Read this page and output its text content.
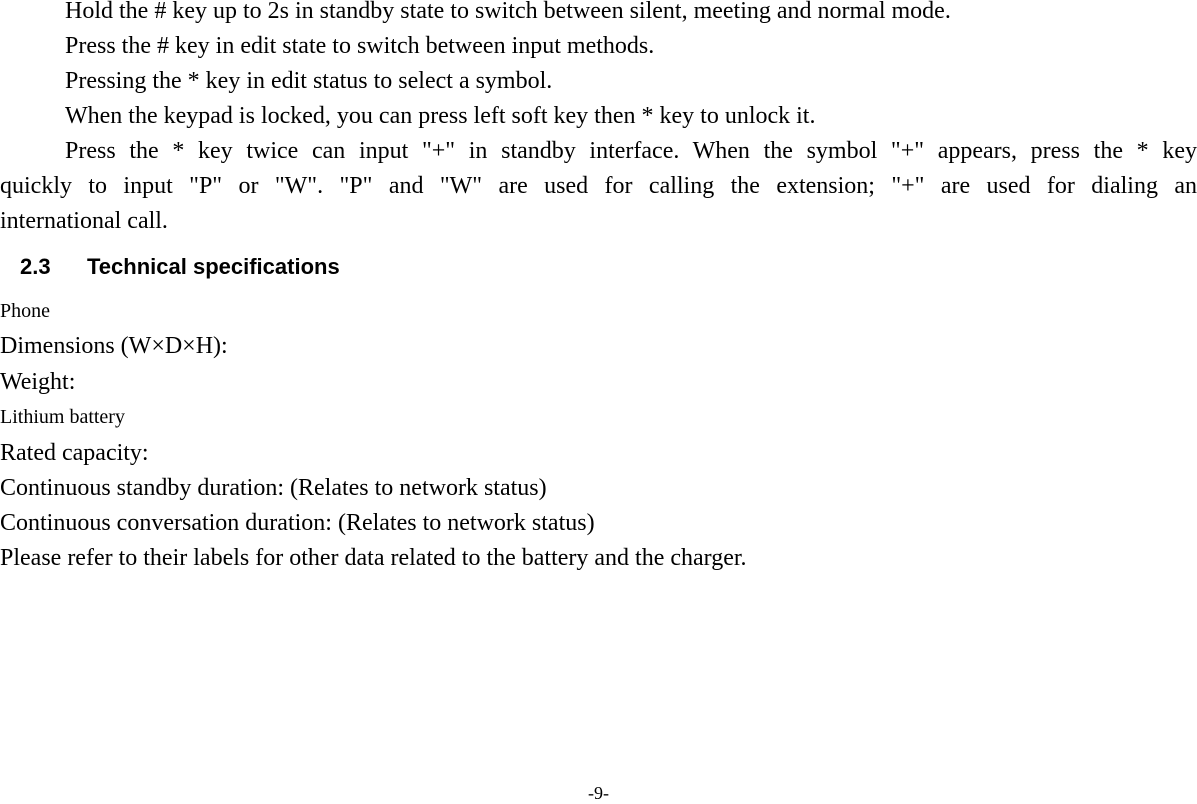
Hold the # key up to 2s in standby state to switch between silent, meeting and normal mode.
Press the # key in edit state to switch between input methods.
Pressing the * key in edit status to select a symbol.
When the keypad is locked, you can press left soft key then * key to unlock it.
Press the * key twice can input "+" in standby interface. When the symbol "+" appears, press the * key
quickly to input "P" or "W". "P" and "W" are used for calling the extension; "+" are used for dialing an
international call.
2.3 Technical specifications
Phone
Dimensions (W×D×H):
Weight:
Lithium battery
Rated capacity:
Continuous standby duration: (Relates to network status)
Continuous conversation duration: (Relates to network status)
Please refer to their labels for other data related to the battery and the charger.
-9-
